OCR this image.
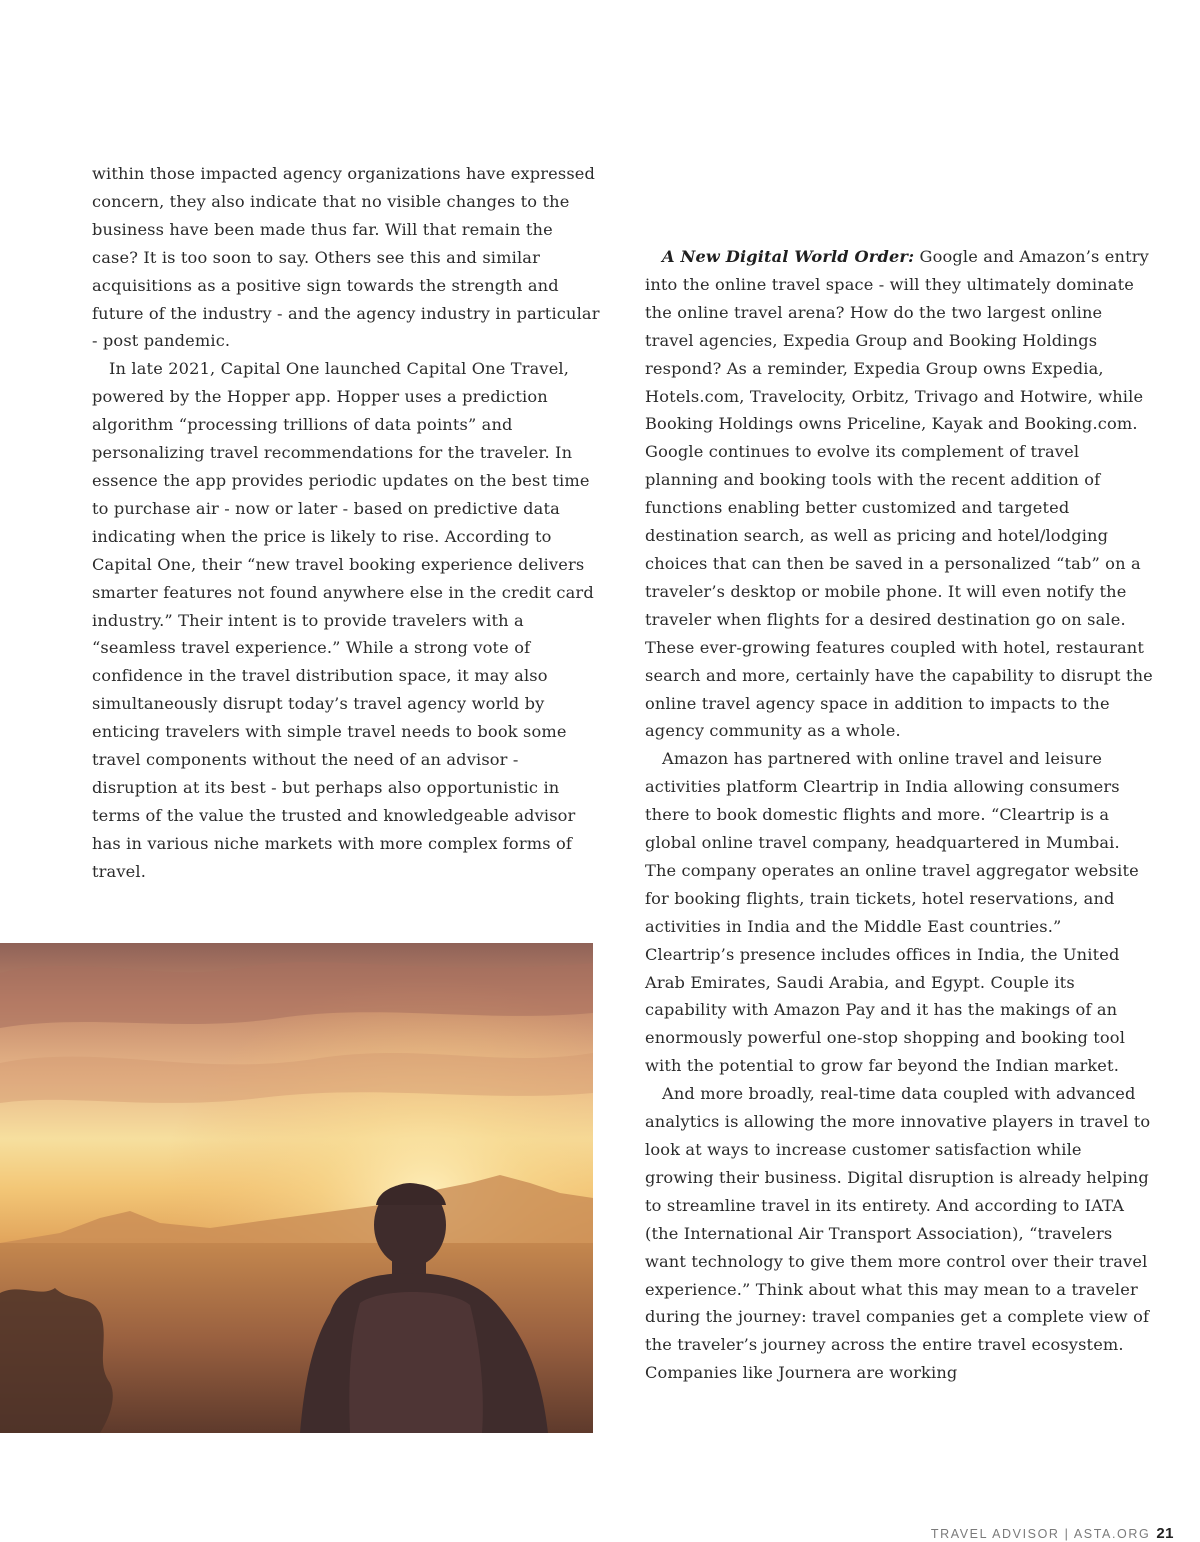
within those impacted agency organizations have expressed concern, they also indicate that no visible changes to the business have been made thus far. Will that remain the case? It is too soon to say. Others see this and similar acquisitions as a positive sign towards the strength and future of the industry - and the agency industry in particular - post pandemic.

In late 2021, Capital One launched Capital One Travel, powered by the Hopper app. Hopper uses a prediction algorithm “processing trillions of data points” and personalizing travel recommendations for the traveler. In essence the app provides periodic updates on the best time to purchase air - now or later - based on predictive data indicating when the price is likely to rise. According to Capital One, their “new travel booking experience delivers smarter features not found anywhere else in the credit card industry.” Their intent is to provide travelers with a “seamless travel experience.” While a strong vote of confidence in the travel distribution space, it may also simultaneously disrupt today’s travel agency world by enticing travelers with simple travel needs to book some travel components without the need of an advisor - disruption at its best - but perhaps also opportunistic in terms of the value the trusted and knowledgeable advisor has in various niche markets with more complex forms of travel.

A New Digital World Order: Google and Amazon’s entry into the online travel space - will they ultimately dominate the online travel arena? How do the two largest online travel agencies, Expedia Group and Booking Holdings respond? As a reminder, Expedia Group owns Expedia, Hotels.com, Travelocity, Orbitz, Trivago and Hotwire, while Booking Holdings owns Priceline, Kayak and Booking.com. Google continues to evolve its complement of travel planning and booking tools with the recent addition of functions enabling better customized and targeted destination search, as well as pricing and hotel/lodging choices that can then be saved in a personalized “tab” on a traveler’s desktop or mobile phone. It will even notify the traveler when flights for a desired destination go on sale. These ever-growing features coupled with hotel, restaurant search and more, certainly have the capability to disrupt the online travel agency space in addition to impacts to the agency community as a whole.

Amazon has partnered with online travel and leisure activities platform Cleartrip in India allowing consumers there to book domestic flights and more. “Cleartrip is a global online travel company, headquartered in Mumbai. The company operates an online travel aggregator website for booking flights, train tickets, hotel reservations, and activities in India and the Middle East countries.” Cleartrip’s presence includes offices in India, the United Arab Emirates, Saudi Arabia, and Egypt. Couple its capability with Amazon Pay and it has the makings of an enormously powerful one-stop shopping and booking tool with the potential to grow far beyond the Indian market.

And more broadly, real-time data coupled with advanced analytics is allowing the more innovative players in travel to look at ways to increase customer satisfaction while growing their business. Digital disruption is already helping to streamline travel in its entirety. And according to IATA (the International Air Transport Association), “travelers want technology to give them more control over their travel experience.” Think about what this may mean to a traveler during the journey: travel companies get a complete view of the traveler’s journey across the entire travel ecosystem. Companies like Journera are working

TRAVEL ADVISOR | ASTA.ORG 21
